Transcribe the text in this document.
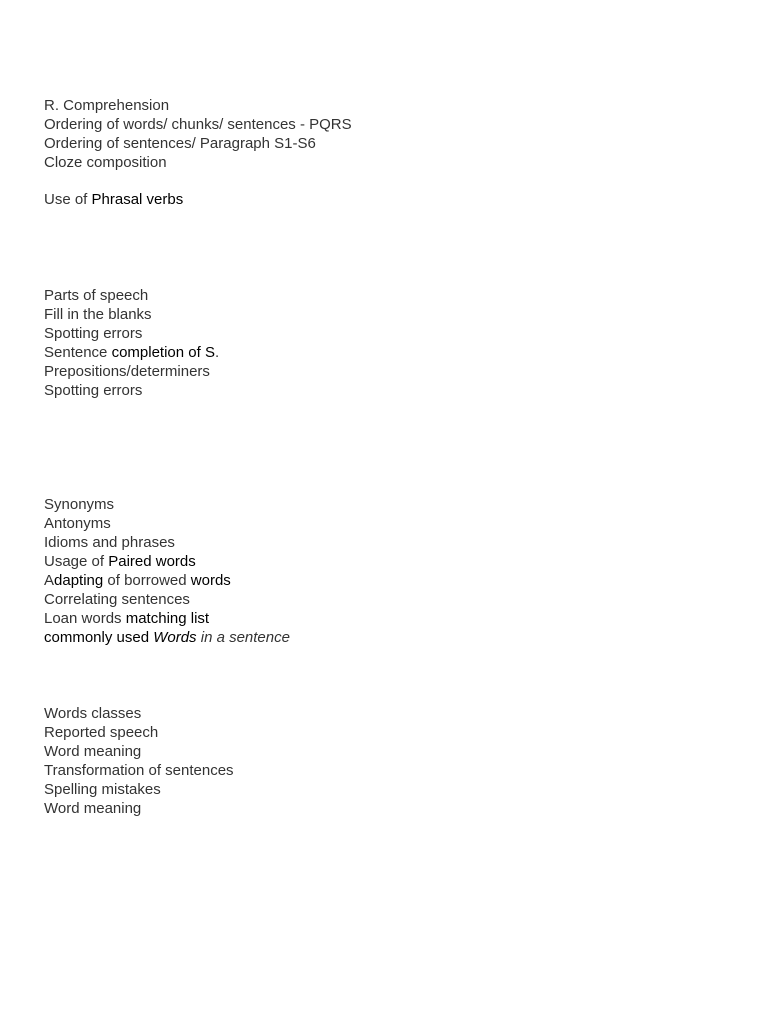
R. Comprehension
Ordering of words/ chunks/ sentences - PQRS
Ordering of sentences/ Paragraph S1-S6
Cloze composition
Use of Phrasal verbs
Parts of speech
Fill in the blanks
Spotting errors
Sentence completion of S.
Prepositions/determiners
Spotting errors
Synonyms
Antonyms
Idioms and phrases
Usage of Paired words
Adapting of borrowed words
Correlating sentences
Loan words matching list
commonly used Words in a sentence
Words classes
Reported speech
Word meaning
Transformation of sentences
Spelling mistakes
Word meaning
